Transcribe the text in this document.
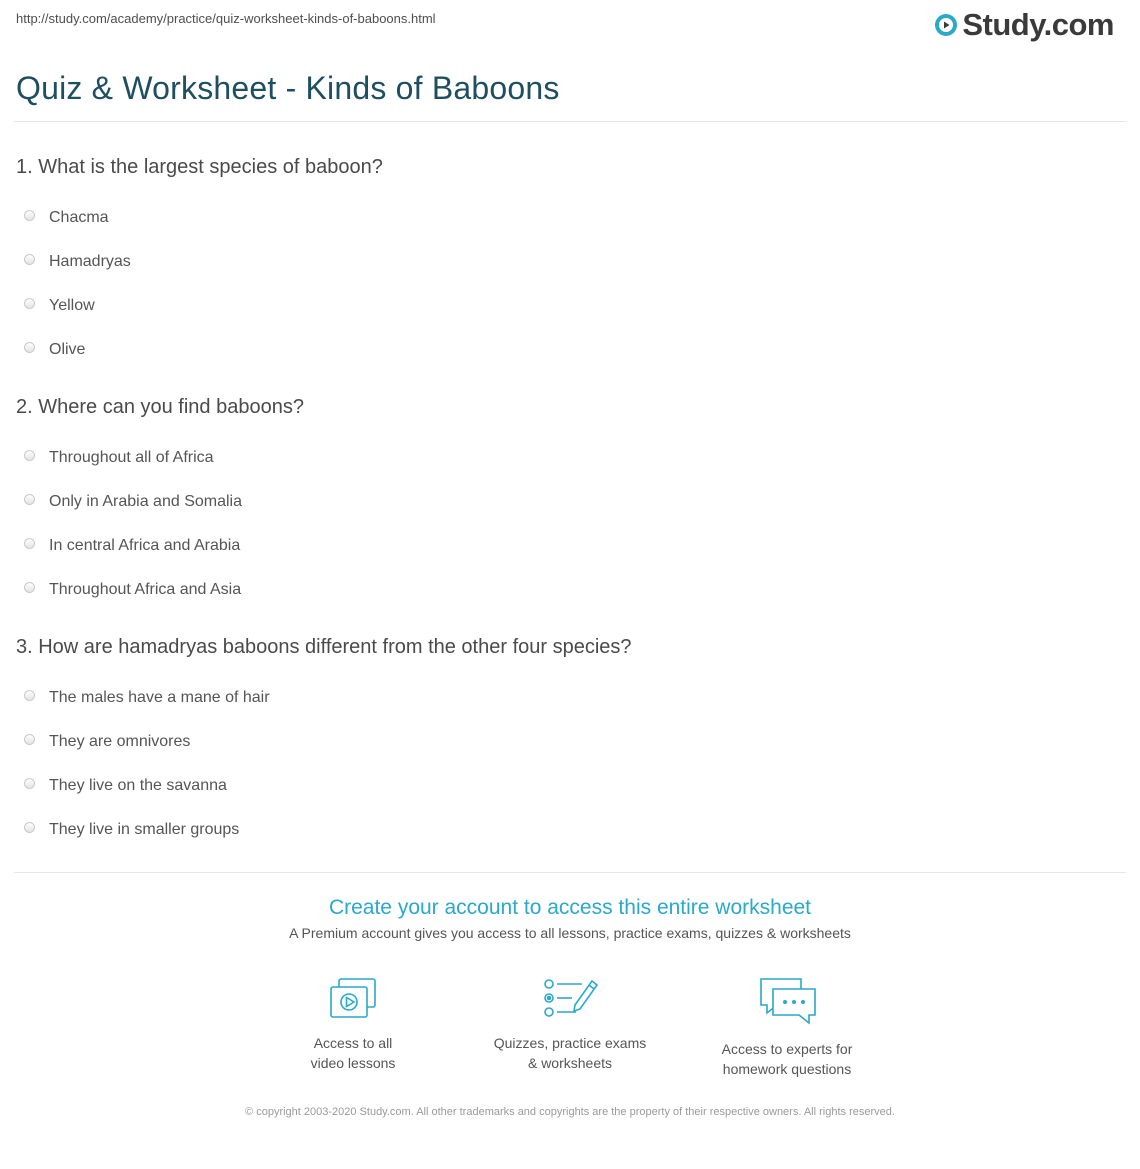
http://study.com/academy/practice/quiz-worksheet-kinds-of-baboons.html	Study.com
Quiz & Worksheet - Kinds of Baboons

1. What is the largest species of baboon?

Chacma
Hamadryas
Yellow
Olive

2. Where can you find baboons?

Throughout all of Africa
Only in Arabia and Somalia
In central Africa and Arabia
Throughout Africa and Asia

3. How are hamadryas baboons different from the other four species?

The males have a mane of hair
They are omnivores
They live on the savanna
They live in smaller groups

Create your account to access this entire worksheet

A Premium account gives you access to all lessons, practice exams, quizzes & worksheets
Access to all
video lessons
Quizzes, practice exams
& worksheets
Access to experts for
homework questions
© copyright 2003-2020 Study.com. All other trademarks and copyrights are the property of their respective owners. All rights reserved.
